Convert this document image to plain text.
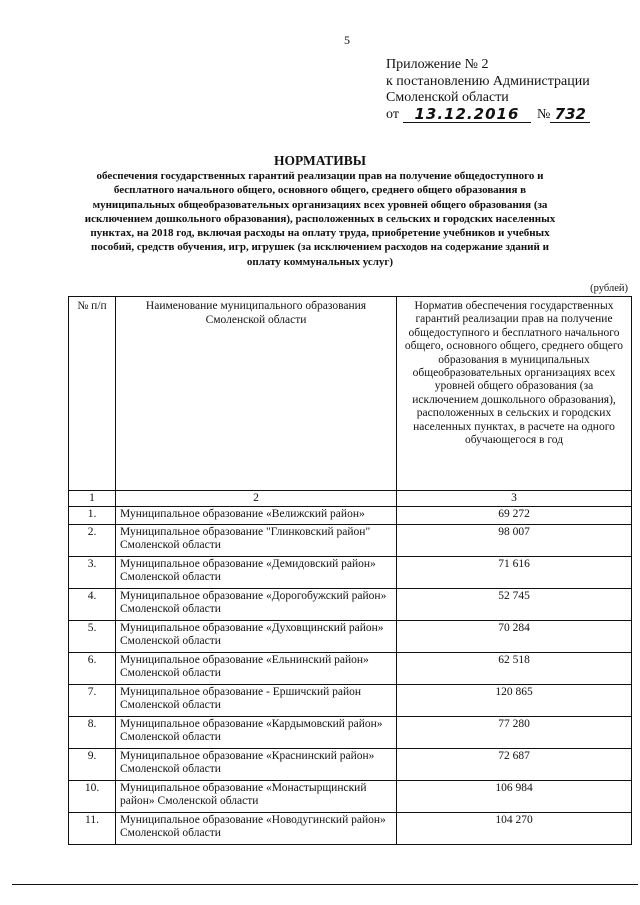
5
Приложение № 2
к постановлению Администрации
Смоленской области
от	13.12.2016	№ 732
НОРМАТИВЫ
обеспечения государственных гарантий реализации прав на получение общедоступного и бесплатного начального общего, основного общего, среднего общего образования в муниципальных общеобразовательных организациях всех уровней общего образования (за исключением дошкольного образования), расположенных в сельских и городских населенных пунктах, на 2018 год, включая расходы на оплату труда, приобретение учебников и учебных пособий, средств обучения, игр, игрушек (за исключением расходов на содержание зданий и оплату коммунальных услуг)
(рублей)
№ п/п	Наименование муниципального образования Смоленской области	Норматив обеспечения государственных гарантий реализации прав на получение общедоступного и бесплатного начального общего, основного общего, среднего общего образования в муниципальных общеобразовательных организациях всех уровней общего образования (за исключением дошкольного образования), расположенных в сельских и городских населенных пунктах, в расчете на одного обучающегося в год
1	2	3
1.	Муниципальное образование «Велижский район»	69 272
2.	Муниципальное образование "Глинковский район" Смоленской области	98 007
3.	Муниципальное образование «Демидовский район» Смоленской области	71 616
4.	Муниципальное образование «Дорогобужский район» Смоленской области	52 745
5.	Муниципальное образование «Духовщинский район» Смоленской области	70 284
6.	Муниципальное образование «Ельнинский район» Смоленской области	62 518
7.	Муниципальное образование - Ершичский район Смоленской области	120 865
8.	Муниципальное образование «Кардымовский район» Смоленской области	77 280
9.	Муниципальное образование «Краснинский район» Смоленской области	72 687
10.	Муниципальное образование «Монастырщинский район» Смоленской области	106 984
11.	Муниципальное образование «Новодугинский район» Смоленской области	104 270
